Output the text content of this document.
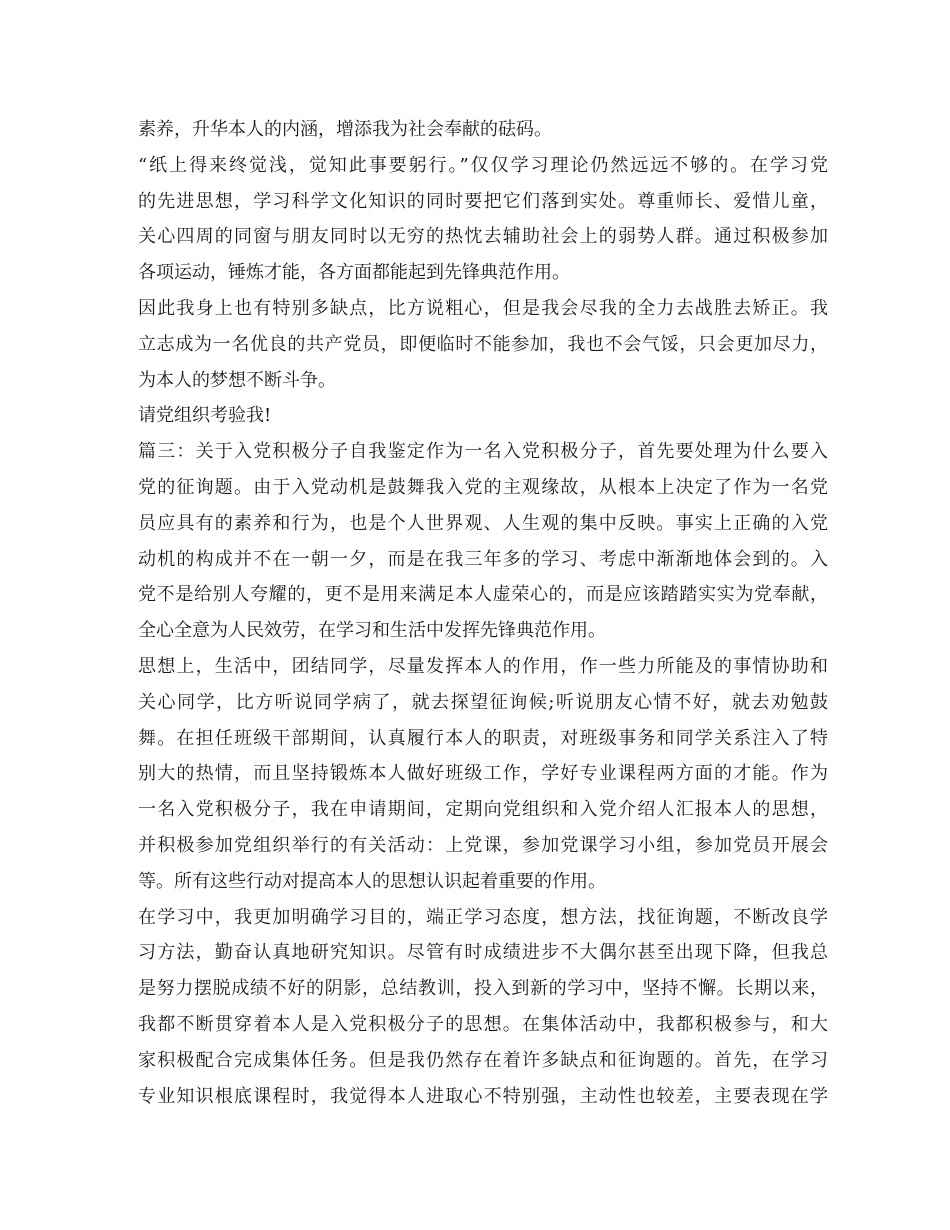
素养，升华本人的内涵，增添我为社会奉献的砝码。
“纸上得来终觉浅，觉知此事要躬行。”仅仅学习理论仍然远远不够的。在学习党
的先进思想，学习科学文化知识的同时要把它们落到实处。尊重师长、爱惜儿童，
关心四周的同窗与朋友同时以无穷的热忱去辅助社会上的弱势人群。通过积极参加
各项运动，锤炼才能，各方面都能起到先锋典范作用。
因此我身上也有特别多缺点，比方说粗心，但是我会尽我的全力去战胜去矫正。我
立志成为一名优良的共产党员，即便临时不能参加，我也不会气馁，只会更加尽力，
为本人的梦想不断斗争。
请党组织考验我!
篇三：关于入党积极分子自我鉴定作为一名入党积极分子，首先要处理为什么要入
党的征询题。由于入党动机是鼓舞我入党的主观缘故，从根本上决定了作为一名党
员应具有的素养和行为，也是个人世界观、人生观的集中反映。事实上正确的入党
动机的构成并不在一朝一夕，而是在我三年多的学习、考虑中渐渐地体会到的。入
党不是给别人夸耀的，更不是用来满足本人虚荣心的，而是应该踏踏实实为党奉献，
全心全意为人民效劳，在学习和生活中发挥先锋典范作用。
思想上，生活中，团结同学，尽量发挥本人的作用，作一些力所能及的事情协助和
关心同学，比方听说同学病了，就去探望征询候;听说朋友心情不好，就去劝勉鼓
舞。在担任班级干部期间，认真履行本人的职责，对班级事务和同学关系注入了特
别大的热情，而且坚持锻炼本人做好班级工作，学好专业课程两方面的才能。作为
一名入党积极分子，我在申请期间，定期向党组织和入党介绍人汇报本人的思想，
并积极参加党组织举行的有关活动：上党课，参加党课学习小组，参加党员开展会
等。所有这些行动对提高本人的思想认识起着重要的作用。
在学习中，我更加明确学习目的，端正学习态度，想方法，找征询题，不断改良学
习方法，勤奋认真地研究知识。尽管有时成绩进步不大偶尔甚至出现下降，但我总
是努力摆脱成绩不好的阴影，总结教训，投入到新的学习中，坚持不懈。长期以来，
我都不断贯穿着本人是入党积极分子的思想。在集体活动中，我都积极参与，和大
家积极配合完成集体任务。但是我仍然存在着许多缺点和征询题的。首先，在学习
专业知识根底课程时，我觉得本人进取心不特别强，主动性也较差，主要表现在学
